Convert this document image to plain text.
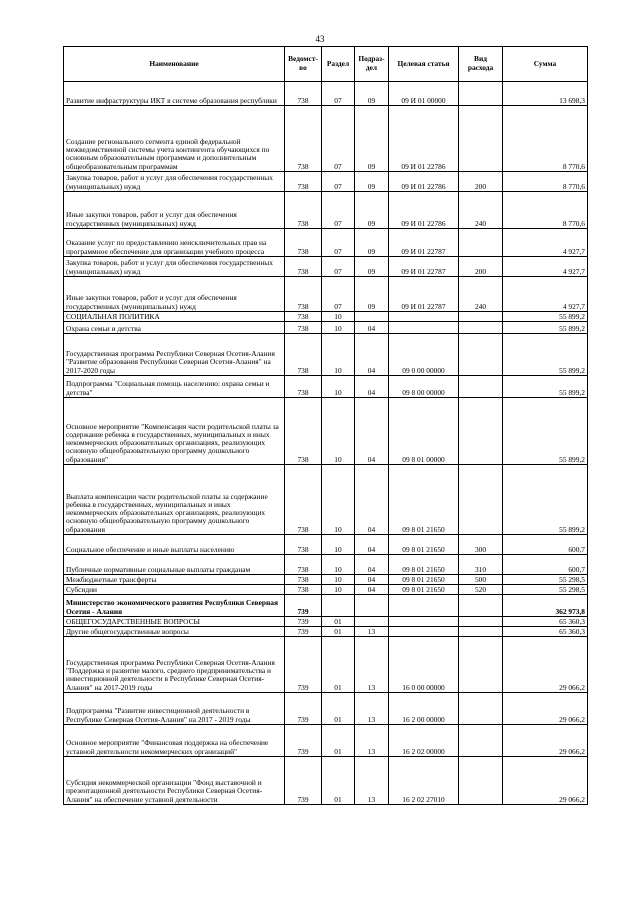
43
Наименование	Ведомст-во	Раздел	Подраз-дел	Целевая статья	Вид расхода	Сумма
Развитие инфраструктуры ИКТ в системе образования республики	738	07	09	09 И 01 00000		13 698,3
Создание регионального сегмента единой федеральной межведомственной системы учета контингента обучающихся по основным образовательным программам и дополнительным общеобразовательным программам	738	07	09	09 И 01 22786		8 770,6
Закупка товаров, работ и услуг для обеспечения государственных (муниципальных) нужд	738	07	09	09 И 01 22786	200	8 770,6
Иные закупки товаров, работ и услуг для обеспечения государственных (муниципальных) нужд	738	07	09	09 И 01 22786	240	8 770,6
Оказание услуг по предоставлению неисключительных прав на программное обеспечение для организации учебного процесса	738	07	09	09 И 01 22787		4 927,7
Закупка товаров, работ и услуг для обеспечения государственных (муниципальных) нужд	738	07	09	09 И 01 22787	200	4 927,7
Иные закупки товаров, работ и услуг для обеспечения государственных (муниципальных) нужд	738	07	09	09 И 01 22787	240	4 927,7
СОЦИАЛЬНАЯ ПОЛИТИКА	738	10				55 899,2
Охрана семьи и детства	738	10	04			55 899,2
Государственная программа Республики Северная Осетия-Алания "Развитие образования Республики Северная Осетия-Алания" на 2017-2020 годы	738	10	04	09 0 00 00000		55 899,2
Подпрограмма "Социальная помощь населению: охрана семьи и детства"	738	10	04	09 8 00 00000		55 899,2
Основное мероприятие "Компенсация части родительской платы за содержание ребенка в государственных, муниципальных и иных некоммерческих образовательных организациях, реализующих основную общеобразовательную программу дошкольного образования"	738	10	04	09 8 01 00000		55 899,2
Выплата компенсации части родительской платы за содержание ребенка в государственных, муниципальных и иных некоммерческих образовательных организациях, реализующих основную общеобразовательную программу дошкольного образования	738	10	04	09 8 01 21650		55 899,2
Социальное обеспечение и иные выплаты населению	738	10	04	09 8 01 21650	300	600,7
Публичные нормативные социальные выплаты гражданам	738	10	04	09 8 01 21650	310	600,7
Межбюджетные трансферты	738	10	04	09 8 01 21650	500	55 298,5
Субсидии	738	10	04	09 8 01 21650	520	55 298,5
Министерство экономического развития Республики Северная Осетия - Алания	739					362 973,8
ОБЩЕГОСУДАРСТВЕННЫЕ ВОПРОСЫ	739	01				65 360,3
Другие общегосударственные вопросы	739	01	13			65 360,3
Государственная программа Республики Северная Осетия-Алания "Поддержка и развитие малого, среднего предпринимательства и инвестиционной деятельности в Республике Северная Осетия-Алания" на 2017-2019 годы	739	01	13	16 0 00 00000		29 066,2
Подпрограмма "Развитие инвестиционной деятельности в Республике Северная Осетия-Алания" на 2017 - 2019 годы	739	01	13	16 2 00 00000		29 066,2
Основное мероприятие "Финансовая поддержка на обеспечение уставной деятельности некоммерческих организаций"	739	01	13	16 2 02 00000		29 066,2
Субсидия некоммерческой организации "Фонд выставочной и презентационной деятельности Республики Северная Осетия-Алания" на обеспечение уставной деятельности	739	01	13	16 2 02 27010		29 066,2
